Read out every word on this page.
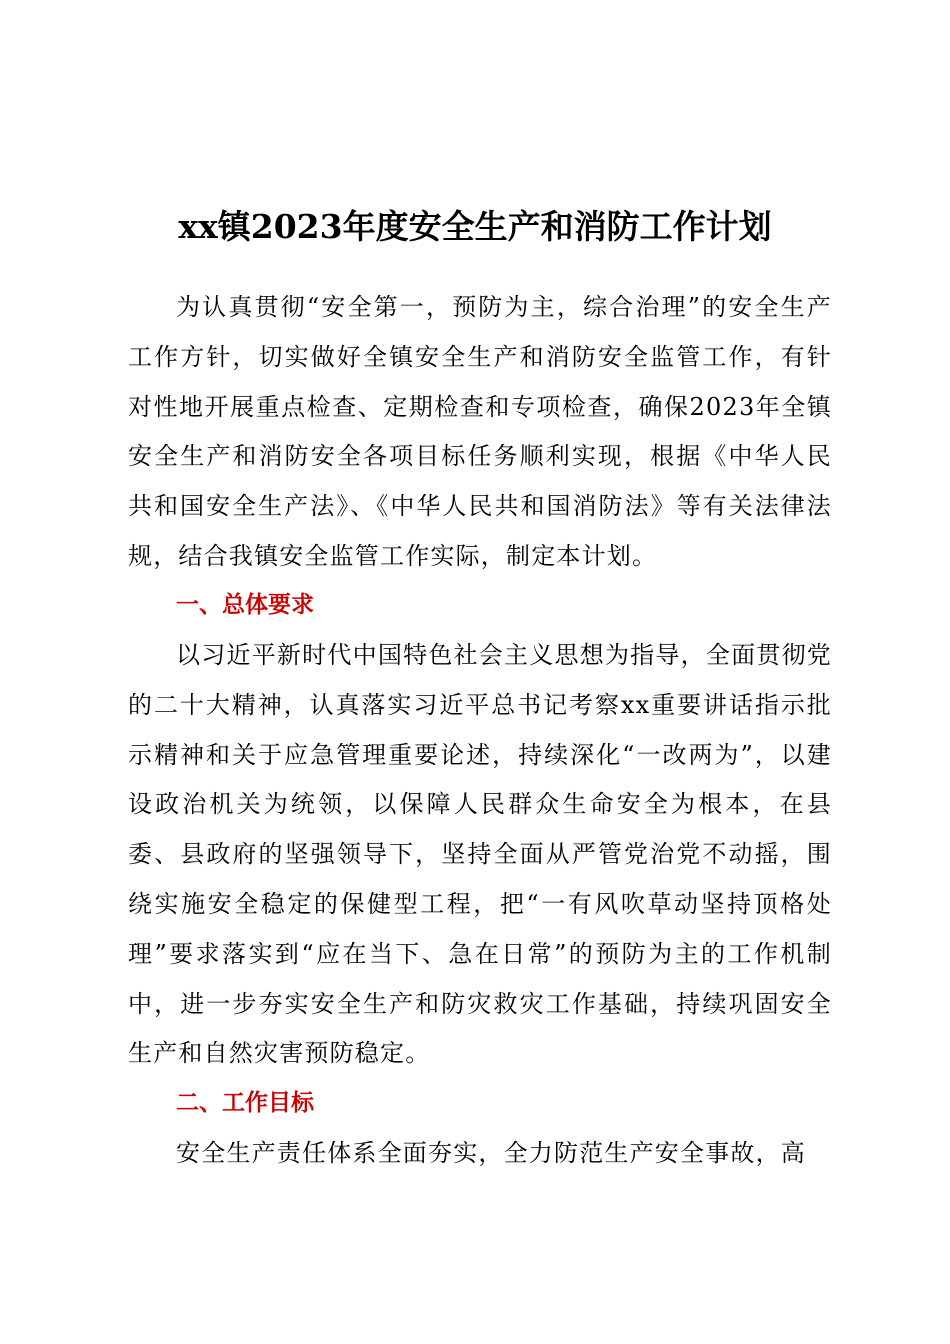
xx镇2023年度安全生产和消防工作计划

为认真贯彻“安全第一，预防为主，综合治理”的安全生产工作方针，切实做好全镇安全生产和消防安全监管工作，有针对性地开展重点检查、定期检查和专项检查，确保2023年全镇安全生产和消防安全各项目标任务顺利实现，根据《中华人民共和国安全生产法》、《中华人民共和国消防法》等有关法律法规，结合我镇安全监管工作实际，制定本计划。

一、总体要求

以习近平新时代中国特色社会主义思想为指导，全面贯彻党的二十大精神，认真落实习近平总书记考察xx重要讲话指示批示精神和关于应急管理重要论述，持续深化“一改两为”，以建设政治机关为统领，以保障人民群众生命安全为根本，在县委、县政府的坚强领导下，坚持全面从严管党治党不动摇，围绕实施安全稳定的保健型工程，把“一有风吹草动坚持顶格处理”要求落实到“应在当下、急在日常”的预防为主的工作机制中，进一步夯实安全生产和防灾救灾工作基础，持续巩固安全生产和自然灾害预防稳定。

二、工作目标

安全生产责任体系全面夯实，全力防范生产安全事故，高
